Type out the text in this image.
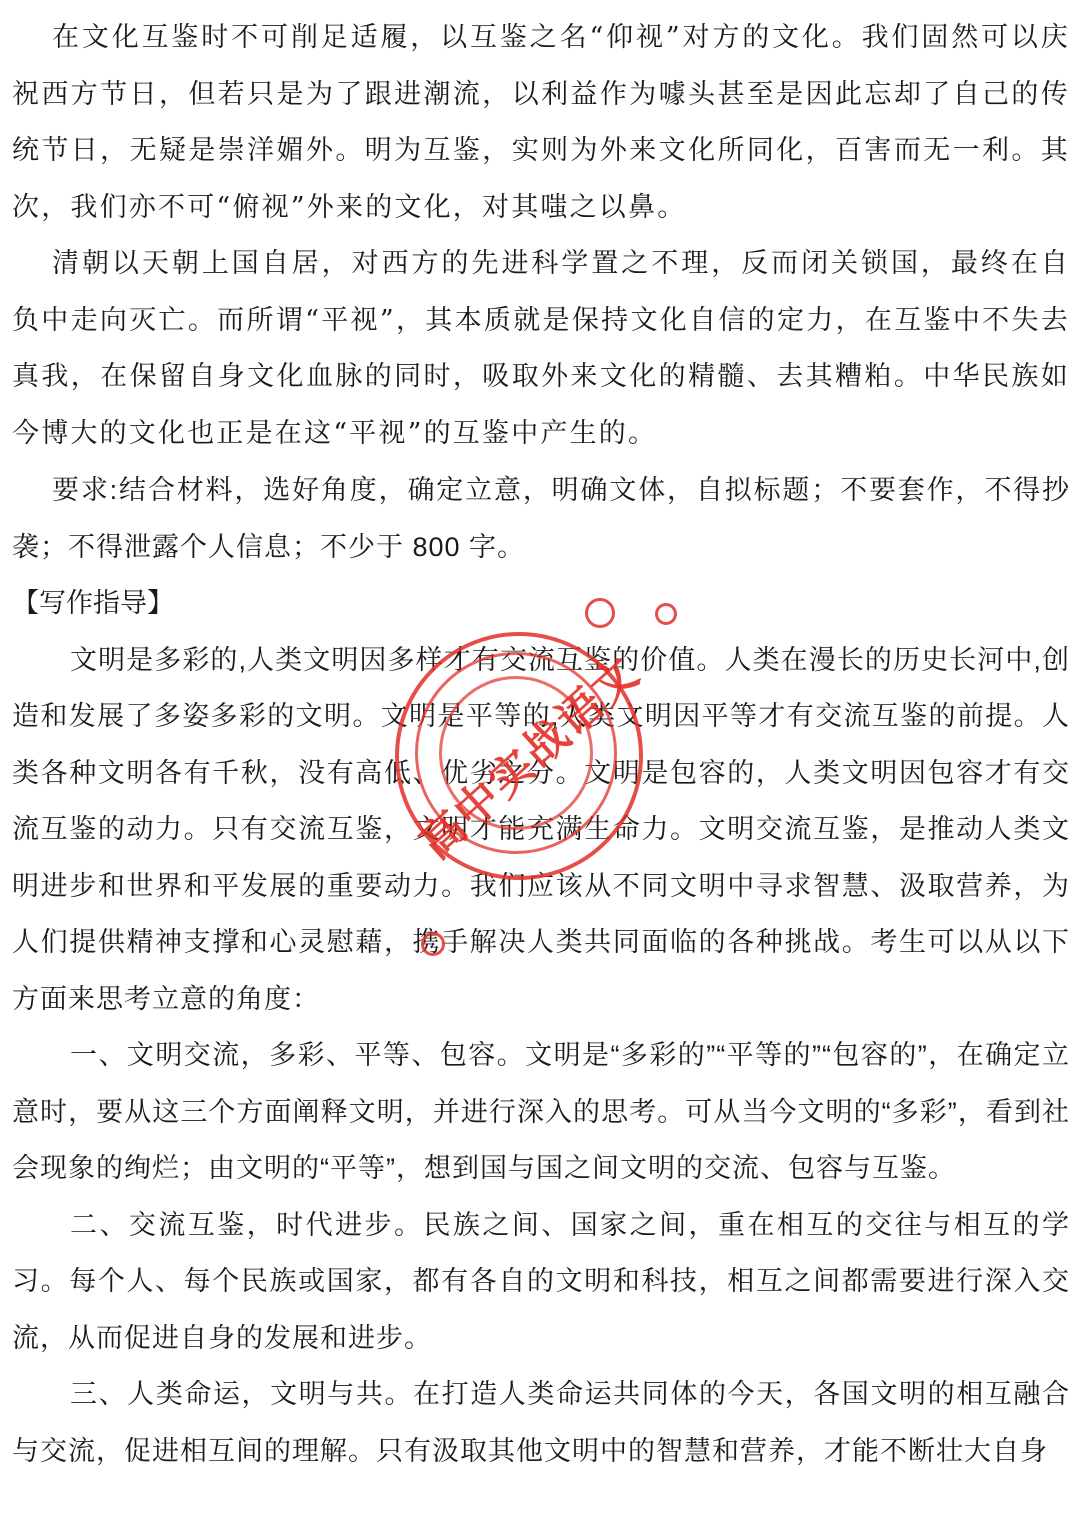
在文化互鉴时不可削足适履，以互鉴之名“仰视”对方的文化。我们固然可以庆祝西方节日，但若只是为了跟进潮流，以利益作为噱头甚至是因此忘却了自己的传统节日，无疑是崇洋媚外。明为互鉴，实则为外来文化所同化，百害而无一利。其次，我们亦不可“俯视”外来的文化，对其嗤之以鼻。

清朝以天朝上国自居，对西方的先进科学置之不理，反而闭关锁国，最终在自负中走向灭亡。而所谓“平视”，其本质就是保持文化自信的定力，在互鉴中不失去真我，在保留自身文化血脉的同时，吸取外来文化的精髓、去其糟粕。中华民族如今博大的文化也正是在这“平视”的互鉴中产生的。

要求:结合材料，选好角度，确定立意，明确文体，自拟标题；不要套作，不得抄袭；不得泄露个人信息；不少于 800 字。

【写作指导】

文明是多彩的,人类文明因多样才有交流互鉴的价值。人类在漫长的历史长河中,创造和发展了多姿多彩的文明。文明是平等的,人类文明因平等才有交流互鉴的前提。人类各种文明各有千秋，没有高低、优劣之分。文明是包容的，人类文明因包容才有交流互鉴的动力。只有交流互鉴，文明才能充满生命力。文明交流互鉴，是推动人类文明进步和世界和平发展的重要动力。我们应该从不同文明中寻求智慧、汲取营养，为人们提供精神支撑和心灵慰藉，携手解决人类共同面临的各种挑战。考生可以从以下方面来思考立意的角度：

一、文明交流，多彩、平等、包容。文明是“多彩的”“平等的”“包容的”，在确定立意时，要从这三个方面阐释文明，并进行深入的思考。可从当今文明的“多彩”，看到社会现象的绚烂；由文明的“平等”，想到国与国之间文明的交流、包容与互鉴。

二、交流互鉴，时代进步。民族之间、国家之间，重在相互的交往与相互的学习。每个人、每个民族或国家，都有各自的文明和科技，相互之间都需要进行深入交流，从而促进自身的发展和进步。

三、人类命运，文明与共。在打造人类命运共同体的今天，各国文明的相互融合与交流，促进相互间的理解。只有汲取其他文明中的智慧和营养，才能不断壮大自身

高中实战语文
